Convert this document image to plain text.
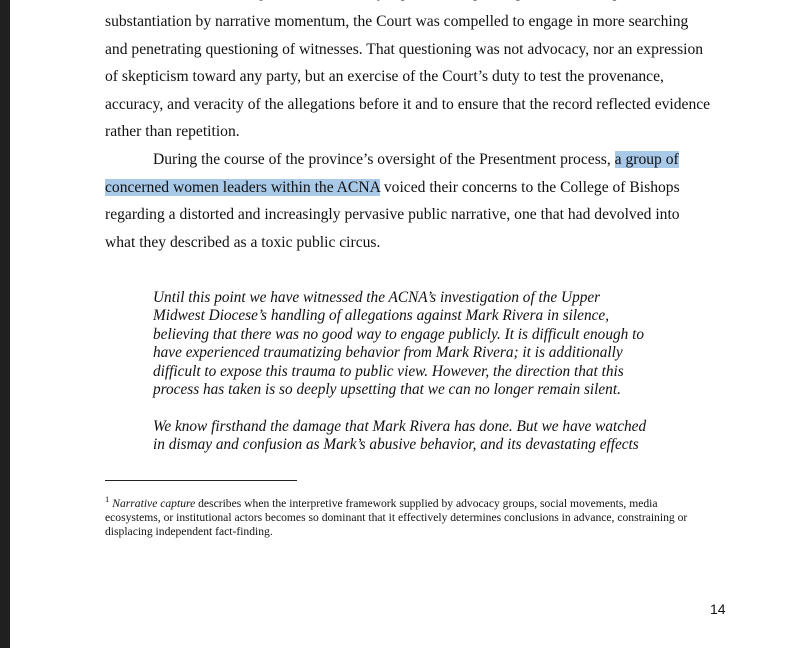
substantiation by narrative momentum, the Court was compelled to engage in more searching
and penetrating questioning of witnesses. That questioning was not advocacy, nor an expression
of skepticism toward any party, but an exercise of the Court’s duty to test the provenance,
accuracy, and veracity of the allegations before it and to ensure that the record reflected evidence
rather than repetition.
During the course of the province’s oversight of the Presentment process, a group of
concerned women leaders within the ACNA voiced their concerns to the College of Bishops
regarding a distorted and increasingly pervasive public narrative, one that had devolved into
what they described as a toxic public circus.
Until this point we have witnessed the ACNA’s investigation of the Upper
Midwest Diocese’s handling of allegations against Mark Rivera in silence,
believing that there was no good way to engage publicly. It is difficult enough to
have experienced traumatizing behavior from Mark Rivera; it is additionally
difficult to expose this trauma to public view. However, the direction that this
process has taken is so deeply upsetting that we can no longer remain silent.
We know firsthand the damage that Mark Rivera has done. But we have watched
in dismay and confusion as Mark’s abusive behavior, and its devastating effects
$^1$ Narrative capture describes when the interpretive framework supplied by advocacy groups, social movements, media
ecosystems, or institutional actors becomes so dominant that it effectively determines conclusions in advance, constraining or
displacing independent fact-finding.
14
